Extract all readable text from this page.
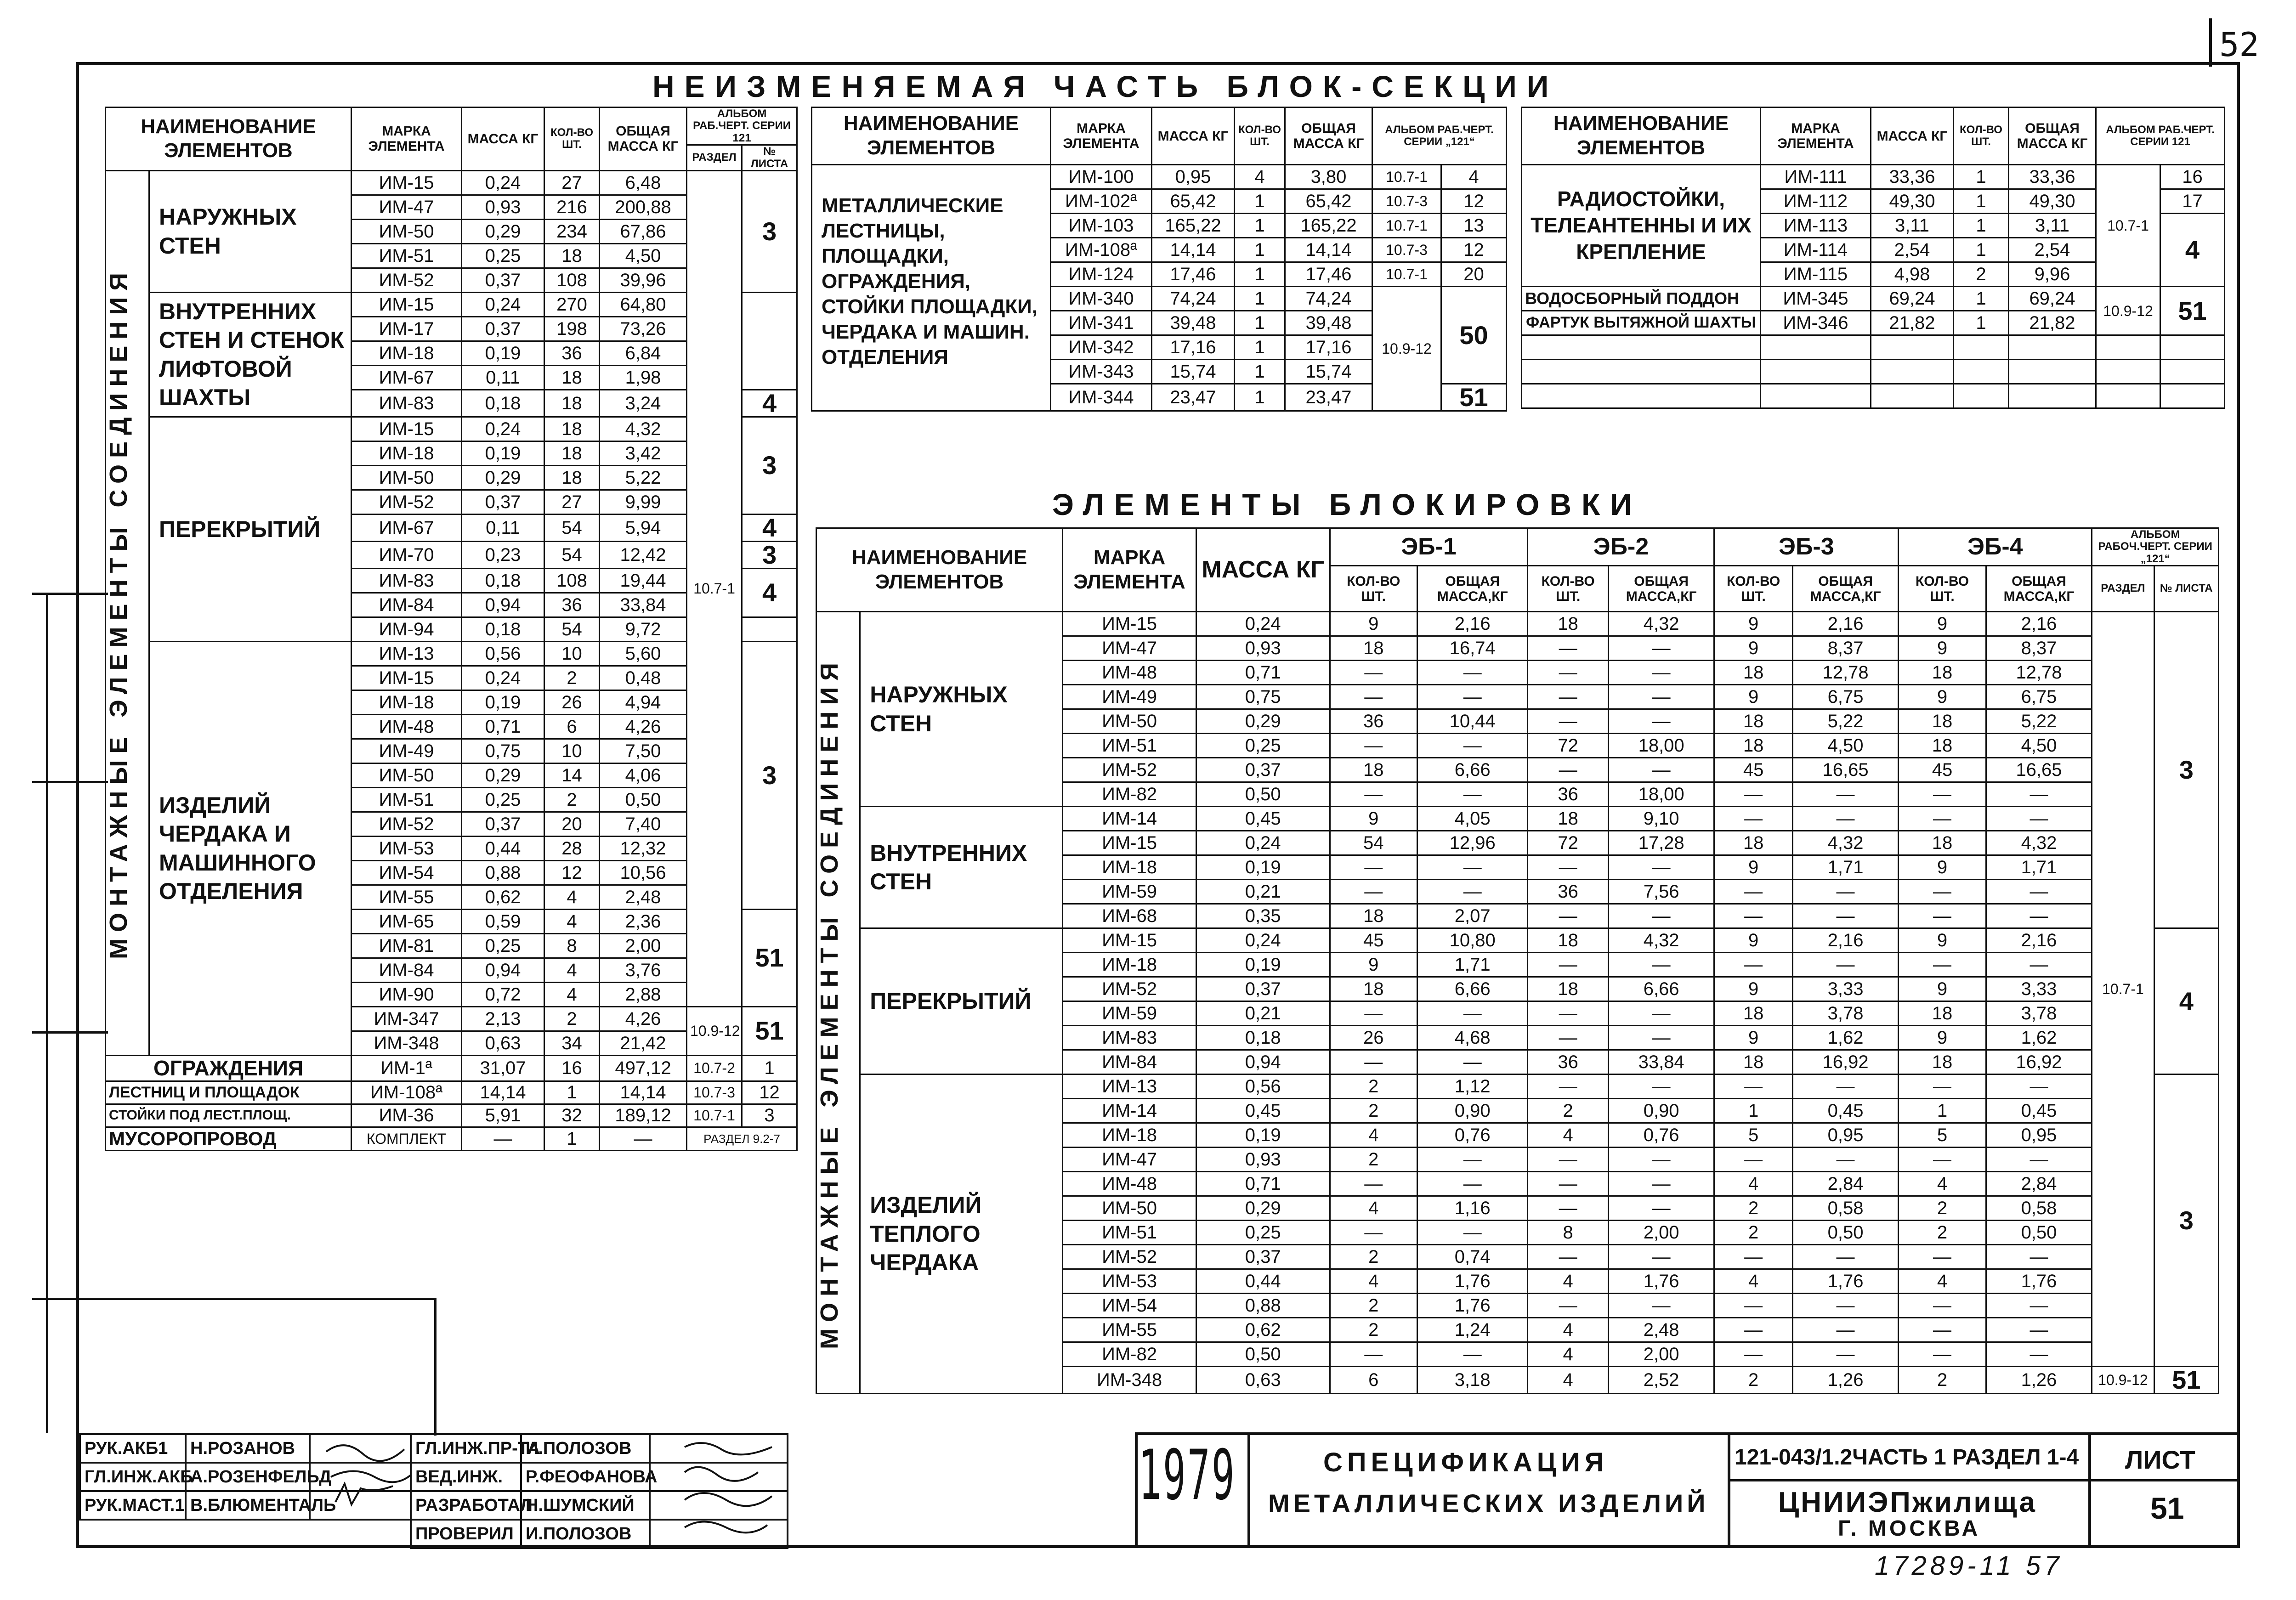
52
17289-11 57
НЕИЗМЕНЯЕМАЯ ЧАСТЬ БЛОК-СЕКЦИИ
ЭЛЕМЕНТЫ БЛОКИРОВКИ
НАИМЕНОВАНИЕ ЭЛЕМЕНТОВ		МАРКА ЭЛЕМЕНТА	МАССА КГ	КОЛ-ВО ШТ.	ОБЩАЯ МАССА КГ	АЛЬБОМ РАБ.ЧЕРТ. СЕРИИ 121	
						РАЗДЕЛ	№ ЛИСТА

МОНТАЖНЫЕ ЭЛЕМЕНТЫ СОЕДИНЕНИЯ	НАРУЖНЫХ СТЕН	ИМ-15	0,24	27	6,48	10.7-1	3
		ИМ-47	0,93	216	200,88		
		ИМ-50	0,29	234	67,86		
		ИМ-51	0,25	18	4,50		
		ИМ-52	0,37	108	39,96		
	ВНУТРЕННИХ СТЕН И СТЕНОК ЛИФТОВОЙ ШАХТЫ	ИМ-15	0,24	270	64,80		
		ИМ-17	0,37	198	73,26		
		ИМ-18	0,19	36	6,84		
		ИМ-67	0,11	18	1,98		
		ИМ-83	0,18	18	3,24		4
	ПЕРЕКРЫТИЙ	ИМ-15	0,24	18	4,32		3
		ИМ-18	0,19	18	3,42		
		ИМ-50	0,29	18	5,22		
		ИМ-52	0,37	27	9,99		
		ИМ-67	0,11	54	5,94		4
		ИМ-70	0,23	54	12,42		3
		ИМ-83	0,18	108	19,44		4
		ИМ-84	0,94	36	33,84		
		ИМ-94	0,18	54	9,72		
	ИЗДЕЛИЙ ЧЕРДАКА И МАШИННОГО ОТДЕЛЕНИЯ	ИМ-13	0,56	10	5,60		3
		ИМ-15	0,24	2	0,48		
		ИМ-18	0,19	26	4,94		
		ИМ-48	0,71	6	4,26		
		ИМ-49	0,75	10	7,50		
		ИМ-50	0,29	14	4,06		
		ИМ-51	0,25	2	0,50		
		ИМ-52	0,37	20	7,40		
		ИМ-53	0,44	28	12,32		
		ИМ-54	0,88	12	10,56		
		ИМ-55	0,62	4	2,48		
		ИМ-65	0,59	4	2,36		51
		ИМ-81	0,25	8	2,00		
		ИМ-84	0,94	4	3,76		
		ИМ-90	0,72	4	2,88		
		ИМ-347	2,13	2	4,26	10.9-12	51
		ИМ-348	0,63	34	21,42		
ОГРАЖДЕНИЯ		ИМ-1ª	31,07	16	497,12	10.7-2	1
ЛЕСТНИЦ И ПЛОЩАДОК		ИМ-108ª	14,14	1	14,14	10.7-3	12
СТОЙКИ ПОД ЛЕСТ.ПЛОЩ.		ИМ-36	5,91	32	189,12	10.7-1	3
МУСОРОПРОВОД		КОМПЛЕКТ	—	1	—	РАЗДЕЛ 9.2-7	
НАИМЕНОВАНИЕ ЭЛЕМЕНТОВ	МАРКА ЭЛЕМЕНТА	МАССА КГ	КОЛ-ВО ШТ.	ОБЩАЯ МАССА КГ	АЛЬБОМ РАБ.ЧЕРТ. СЕРИИ „121“	
МЕТАЛЛИЧЕСКИЕ ЛЕСТНИЦЫ, ПЛОЩАДКИ, ОГРАЖДЕНИЯ, СТОЙКИ ПЛОЩАДКИ, ЧЕРДАКА И МАШИН. ОТДЕЛЕНИЯ	ИМ-100	0,95	4	3,80	10.7-1	4
	ИМ-102ª	65,42	1	65,42	10.7-3	12
	ИМ-103	165,22	1	165,22	10.7-1	13
	ИМ-108ª	14,14	1	14,14	10.7-3	12
	ИМ-124	17,46	1	17,46	10.7-1	20
	ИМ-340	74,24	1	74,24	10.9-12	50
	ИМ-341	39,48	1	39,48		
	ИМ-342	17,16	1	17,16		
	ИМ-343	15,74	1	15,74		
	ИМ-344	23,47	1	23,47		51
НАИМЕНОВАНИЕ ЭЛЕМЕНТОВ	МАРКА ЭЛЕМЕНТА	МАССА КГ	КОЛ-ВО ШТ.	ОБЩАЯ МАССА КГ	АЛЬБОМ РАБ.ЧЕРТ. СЕРИИ 121	
РАДИОСТОЙКИ, ТЕЛЕАНТЕННЫ И ИХ КРЕПЛЕНИЕ	ИМ-111	33,36	1	33,36	10.7-1	16
	ИМ-112	49,30	1	49,30		17
	ИМ-113	3,11	1	3,11		4
	ИМ-114	2,54	1	2,54		
	ИМ-115	4,98	2	9,96		
ВОДОСБОРНЫЙ ПОДДОН	ИМ-345	69,24	1	69,24	10.9-12	51
ФАРТУК ВЫТЯЖНОЙ ШАХТЫ	ИМ-346	21,82	1	21,82		

НАИМЕНОВАНИЕ ЭЛЕМЕНТОВ		МАРКА ЭЛЕМЕНТА	МАССА КГ	ЭБ-1		ЭБ-2		ЭБ-3		ЭБ-4		АЛЬБОМ РАБОЧ.ЧЕРТ. СЕРИИ „121“	
				КОЛ-ВО ШТ.	ОБЩАЯ МАССА,КГ	КОЛ-ВО ШТ.	ОБЩАЯ МАССА,КГ	КОЛ-ВО ШТ.	ОБЩАЯ МАССА,КГ	КОЛ-ВО ШТ.	ОБЩАЯ МАССА,КГ	РАЗДЕЛ	№ ЛИСТА

МОНТАЖНЫЕ ЭЛЕМЕНТЫ СОЕДИНЕНИЯ	НАРУЖНЫХ СТЕН	ИМ-15	0,24	9	2,16	18	4,32	9	2,16	9	2,16	10.7-1	3
		ИМ-47	0,93	18	16,74	—	—	9	8,37	9	8,37		
		ИМ-48	0,71	—	—	—	—	18	12,78	18	12,78		
		ИМ-49	0,75	—	—	—	—	9	6,75	9	6,75		
		ИМ-50	0,29	36	10,44	—	—	18	5,22	18	5,22		
		ИМ-51	0,25	—	—	72	18,00	18	4,50	18	4,50		
		ИМ-52	0,37	18	6,66	—	—	45	16,65	45	16,65		
		ИМ-82	0,50	—	—	36	18,00	—	—	—	—		
	ВНУТРЕННИХ СТЕН	ИМ-14	0,45	9	4,05	18	9,10	—	—	—	—		
		ИМ-15	0,24	54	12,96	72	17,28	18	4,32	18	4,32		
		ИМ-18	0,19	—	—	—	—	9	1,71	9	1,71		
		ИМ-59	0,21	—	—	36	7,56	—	—	—	—		
		ИМ-68	0,35	18	2,07	—	—	—	—	—	—		
	ПЕРЕКРЫТИЙ	ИМ-15	0,24	45	10,80	18	4,32	9	2,16	9	2,16		4
		ИМ-18	0,19	9	1,71	—	—	—	—	—	—		
		ИМ-52	0,37	18	6,66	18	6,66	9	3,33	9	3,33		
		ИМ-59	0,21	—	—	—	—	18	3,78	18	3,78		
		ИМ-83	0,18	26	4,68	—	—	9	1,62	9	1,62		
		ИМ-84	0,94	—	—	36	33,84	18	16,92	18	16,92		
	ИЗДЕЛИЙ ТЕПЛОГО ЧЕРДАКА	ИМ-13	0,56	2	1,12	—	—	—	—	—	—		3
		ИМ-14	0,45	2	0,90	2	0,90	1	0,45	1	0,45		
		ИМ-18	0,19	4	0,76	4	0,76	5	0,95	5	0,95		
		ИМ-47	0,93	2	—	—	—	—	—	—	—		
		ИМ-48	0,71	—	—	—	—	4	2,84	4	2,84		
		ИМ-50	0,29	4	1,16	—	—	2	0,58	2	0,58		
		ИМ-51	0,25	—	—	8	2,00	2	0,50	2	0,50		
		ИМ-52	0,37	2	0,74	—	—	—	—	—	—		
		ИМ-53	0,44	4	1,76	4	1,76	4	1,76	4	1,76		
		ИМ-54	0,88	2	1,76	—	—	—	—	—	—		
		ИМ-55	0,62	2	1,24	4	2,48	—	—	—	—		
		ИМ-82	0,50	—	—	4	2,00	—	—	—	—		
		ИМ-348	0,63	6	3,18	4	2,52	2	1,26	2	1,26	10.9-12	51
РУК.АКБ1	Н.РОЗАНОВ		ГЛ.ИНЖ.ПР-ТА	И.ПОЛОЗОВ	
ГЛ.ИНЖ.АКБ	А.РОЗЕНФЕЛЬД		ВЕД.ИНЖ.	Р.ФЕОФАНОВА	
РУК.МАСТ.1	В.БЛЮМЕНТАЛЬ		РАЗРАБОТАЛ	Н.ШУМСКИЙ	
			ПРОВЕРИЛ	И.ПОЛОЗОВ	
1979	СПЕЦИФИКАЦИЯ
МЕТАЛЛИЧЕСКИХ ИЗДЕЛИЙ
121-043/1.2ЧАСТЬ 1 РАЗДЕЛ 1-4
ЦНИИЭПжилища
Г. МОСКВА
ЛИСТ
51
